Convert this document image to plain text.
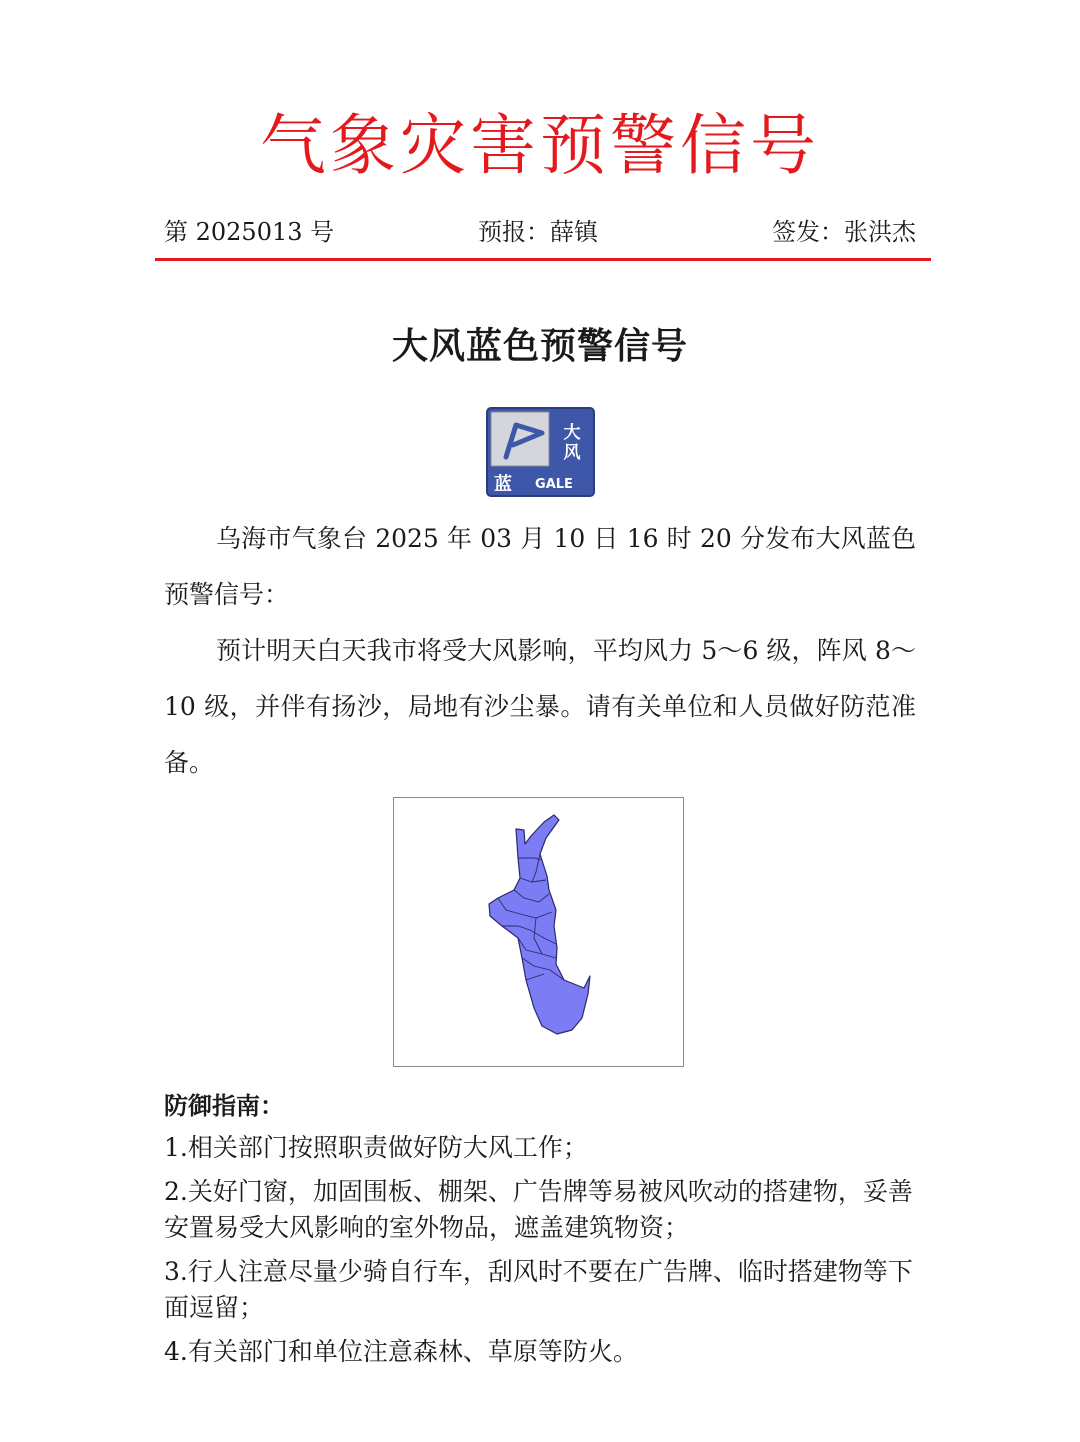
气象灾害预警信号
第 2025013 号	预报：薛镇	签发：张洪杰
大风蓝色预警信号
大
风
蓝 GALE

乌海市气象台 2025 年 03 月 10 日 16 时 20 分发布大风蓝色预警信号：

预计明天白天我市将受大风影响，平均风力 5～6 级，阵风 8～10 级，并伴有扬沙，局地有沙尘暴。请有关单位和人员做好防范准备。

防御指南：
1.相关部门按照职责做好防大风工作；
2.关好门窗，加固围板、棚架、广告牌等易被风吹动的搭建物，妥善安置易受大风影响的室外物品，遮盖建筑物资；
3.行人注意尽量少骑自行车，刮风时不要在广告牌、临时搭建物等下面逗留；
4.有关部门和单位注意森林、草原等防火。
